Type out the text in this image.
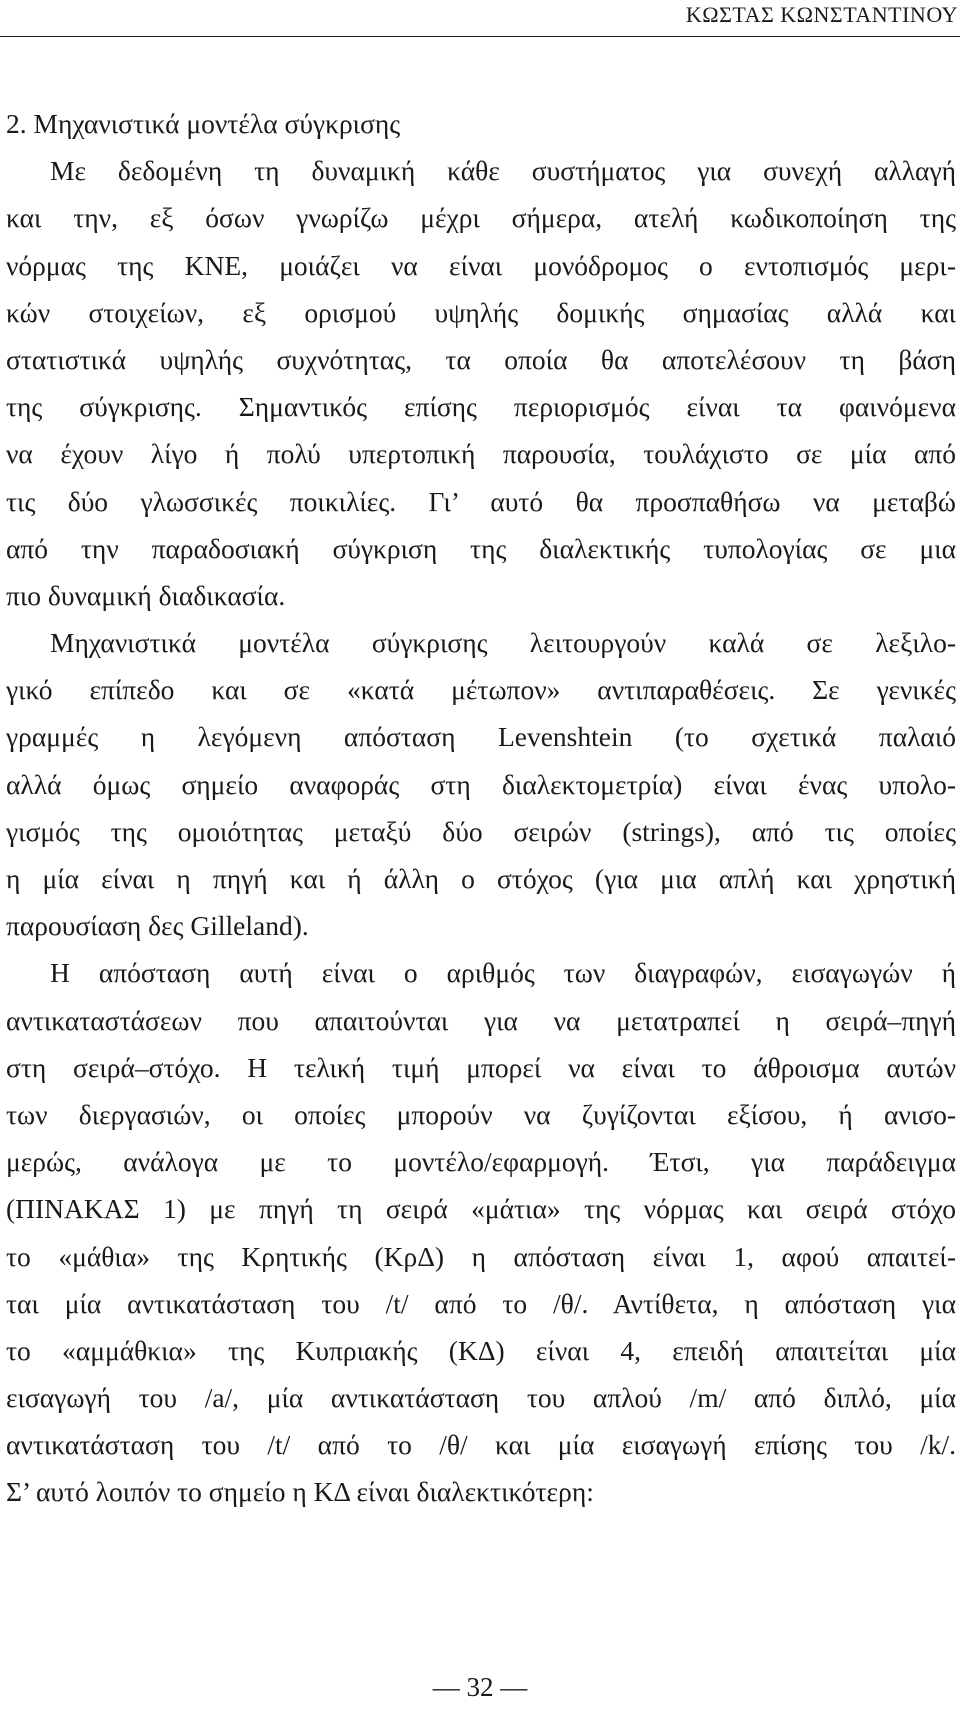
ΚΩΣΤΑΣ ΚΩΝΣΤΑΝΤΙΝΟΥ
2. Μηχανιστικά μοντέλα σύγκρισης
Με δεδομένη τη δυναμική κάθε συστήματος για συνεχή αλλαγή
και την, εξ όσων γνωρίζω μέχρι σήμερα, ατελή κωδικοποίηση της
νόρμας της ΚΝΕ, μοιάζει να είναι μονόδρομος ο εντοπισμός μερι-
κών στοιχείων, εξ ορισμού υψηλής δομικής σημασίας αλλά και
στατιστικά υψηλής συχνότητας, τα οποία θα αποτελέσουν τη βάση
της σύγκρισης. Σημαντικός επίσης περιορισμός είναι τα φαινόμενα
να έχουν λίγο ή πολύ υπερτοπική παρουσία, τουλάχιστο σε μία από
τις δύο γλωσσικές ποικιλίες. Γι’ αυτό θα προσπαθήσω να μεταβώ
από την παραδοσιακή σύγκριση της διαλεκτικής τυπολογίας σε μια
πιο δυναμική διαδικασία.
Μηχανιστικά μοντέλα σύγκρισης λειτουργούν καλά σε λεξιλο-
γικό επίπεδο και σε «κατά μέτωπον» αντιπαραθέσεις. Σε γενικές
γραμμές η λεγόμενη απόσταση Levenshtein (το σχετικά παλαιό
αλλά όμως σημείο αναφοράς στη διαλεκτομετρία) είναι ένας υπολο-
γισμός της ομοιότητας μεταξύ δύο σειρών (strings), από τις οποίες
η μία είναι η πηγή και ή άλλη ο στόχος (για μια απλή και χρηστική
παρουσίαση δες Gilleland).
Η απόσταση αυτή είναι ο αριθμός των διαγραφών, εισαγωγών ή
αντικαταστάσεων που απαιτούνται για να μετατραπεί η σειρά–πηγή
στη σειρά–στόχο. Η τελική τιμή μπορεί να είναι το άθροισμα αυτών
των διεργασιών, οι οποίες μπορούν να ζυγίζονται εξίσου, ή ανισο-
μερώς, ανάλογα με το μοντέλο/εφαρμογή. Έτσι, για παράδειγμα
(ΠΙΝΑΚΑΣ 1) με πηγή τη σειρά «μάτια» της νόρμας και σειρά στόχο
το «μάθια» της Κρητικής (ΚρΔ) η απόσταση είναι 1, αφού απαιτεί-
ται μία αντικατάσταση του /t/ από το /θ/. Αντίθετα, η απόσταση για
το «αμμάθκια» της Κυπριακής (ΚΔ) είναι 4, επειδή απαιτείται μία
εισαγωγή του /a/, μία αντικατάσταση του απλού /m/ από διπλό, μία
αντικατάσταση του /t/ από το /θ/ και μία εισαγωγή επίσης του /k/.
Σ’ αυτό λοιπόν το σημείο η ΚΔ είναι διαλεκτικότερη:
— 32 —
